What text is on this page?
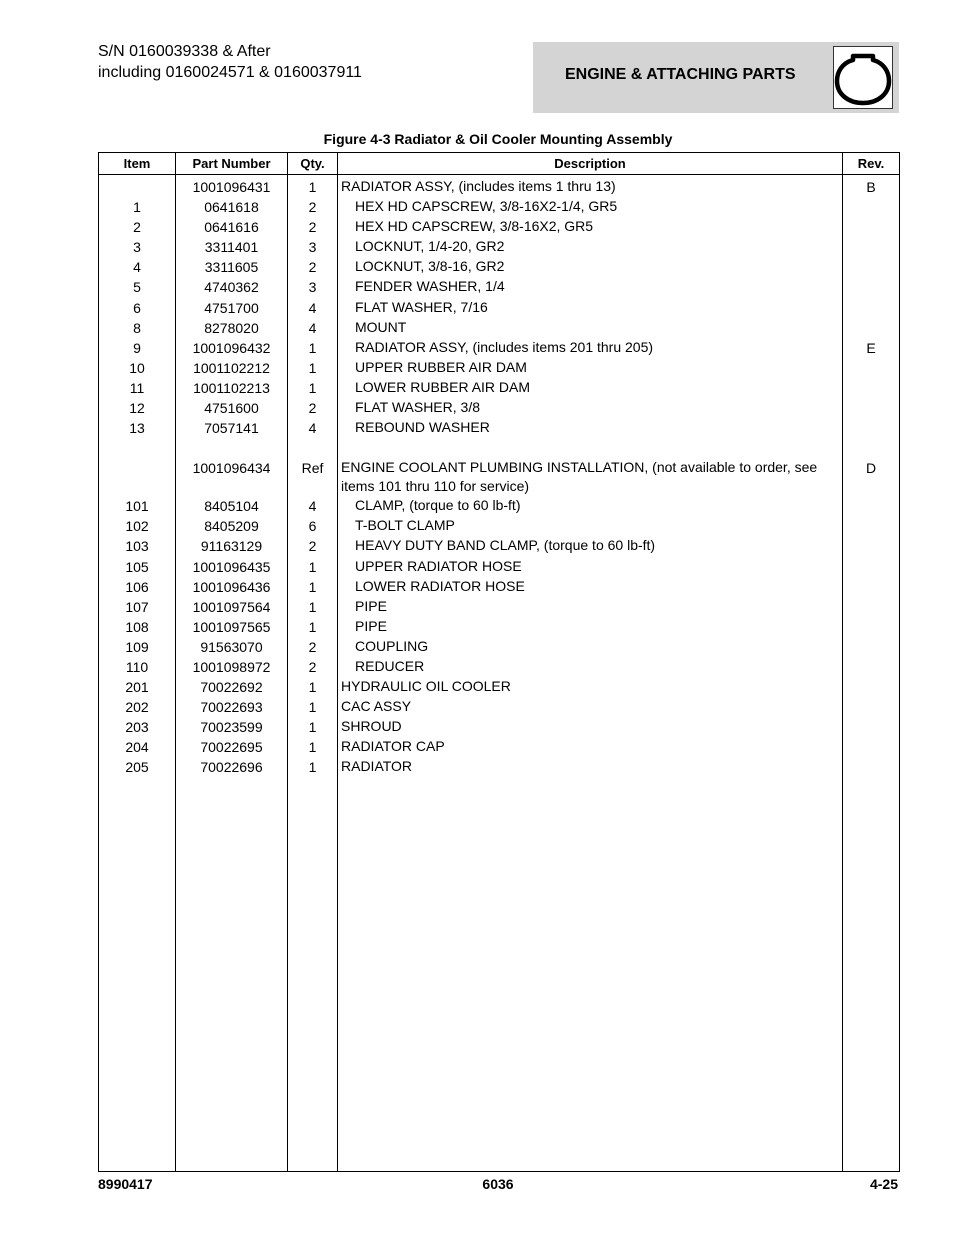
S/N 0160039338 & After
including 0160024571 & 0160037911	ENGINE & ATTACHING PARTS
Figure 4-3 Radiator & Oil Cooler Mounting Assembly
Item	Part Number	Qty.	Description	Rev.
	1001096431	1	RADIATOR ASSY, (includes items 1 thru 13)	B
1	0641618	2	HEX HD CAPSCREW, 3/8-16X2-1/4, GR5	
2	0641616	2	HEX HD CAPSCREW, 3/8-16X2, GR5	
3	3311401	3	LOCKNUT, 1/4-20, GR2	
4	3311605	2	LOCKNUT, 3/8-16, GR2	
5	4740362	3	FENDER WASHER, 1/4	
6	4751700	4	FLAT WASHER, 7/16	
8	8278020	4	MOUNT	
9	1001096432	1	RADIATOR ASSY, (includes items 201 thru 205)	E
10	1001102212	1	UPPER RUBBER AIR DAM	
11	1001102213	1	LOWER RUBBER AIR DAM	
12	4751600	2	FLAT WASHER, 3/8	
13	7057141	4	REBOUND WASHER	

	1001096434	Ref	ENGINE COOLANT PLUMBING INSTALLATION, (not available to order, see items 101 thru 110 for service)	D
101	8405104	4	CLAMP, (torque to 60 lb-ft)	
102	8405209	6	T-BOLT CLAMP	
103	91163129	2	HEAVY DUTY BAND CLAMP, (torque to 60 lb-ft)	
105	1001096435	1	UPPER RADIATOR HOSE	
106	1001096436	1	LOWER RADIATOR HOSE	
107	1001097564	1	PIPE	
108	1001097565	1	PIPE	
109	91563070	2	COUPLING	
110	1001098972	2	REDUCER	
201	70022692	1	HYDRAULIC OIL COOLER	
202	70022693	1	CAC ASSY	
203	70023599	1	SHROUD	
204	70022695	1	RADIATOR CAP	
205	70022696	1	RADIATOR	

8990417	6036	4-25
